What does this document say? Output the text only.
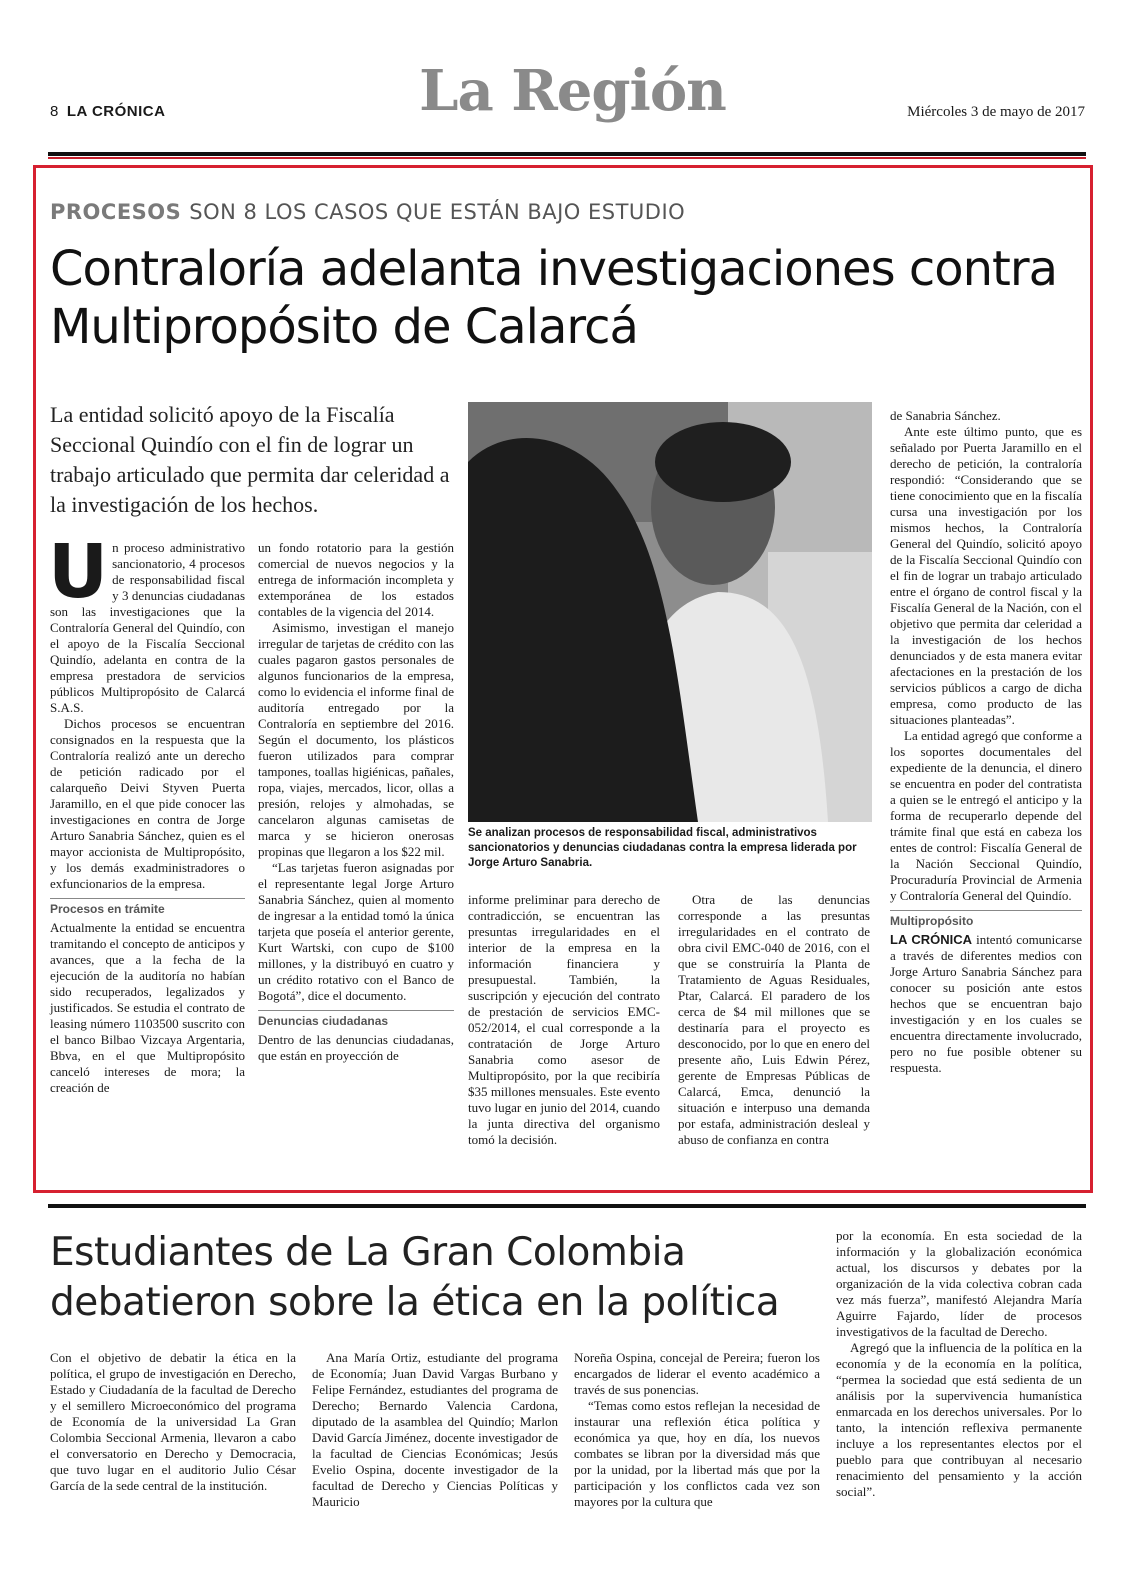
8 LA CRÓNICA	La Región	Miércoles 3 de mayo de 2017
PROCESOS SON 8 LOS CASOS QUE ESTÁN BAJO ESTUDIO
Contraloría adelanta investigaciones contra Multipropósito de Calarcá
La entidad solicitó apoyo de la Fiscalía Seccional Quindío con el fin de lograr un trabajo articulado que permita dar celeridad a la investigación de los hechos.

Un proceso administrativo sancionatorio, 4 procesos de responsabilidad fiscal y 3 denuncias ciudadanas son las investigaciones que la Contraloría General del Quindío, con el apoyo de la Fiscalía Seccional Quindío, adelanta en contra de la empresa prestadora de servicios públicos Multipropósito de Calarcá S.A.S.

Dichos procesos se encuentran consignados en la respuesta que la Contraloría realizó ante un derecho de petición radicado por el calarqueño Deivi Styven Puerta Jaramillo, en el que pide conocer las investigaciones en contra de Jorge Arturo Sanabria Sánchez, quien es el mayor accionista de Multipropósito, y los demás exadministradores o exfuncionarios de la empresa.

Procesos en trámite

Actualmente la entidad se encuentra tramitando el concepto de anticipos y avances, que a la fecha de la ejecución de la auditoría no habían sido recuperados, legalizados y justificados. Se estudia el contrato de leasing número 1103500 suscrito con el banco Bilbao Vizcaya Argentaria, Bbva, en el que Multipropósito canceló intereses de mora; la creación de

un fondo rotatorio para la gestión comercial de nuevos negocios y la entrega de información incompleta y extemporánea de los estados contables de la vigencia del 2014.

Asimismo, investigan el manejo irregular de tarjetas de crédito con las cuales pagaron gastos personales de algunos funcionarios de la empresa, como lo evidencia el informe final de auditoría entregado por la Contraloría en septiembre del 2016. Según el documento, los plásticos fueron utilizados para comprar tampones, toallas higiénicas, pañales, ropa, viajes, mercados, licor, ollas a presión, relojes y almohadas, se cancelaron algunas camisetas de marca y se hicieron onerosas propinas que llegaron a los $22 mil.

“Las tarjetas fueron asignadas por el representante legal Jorge Arturo Sanabria Sánchez, quien al momento de ingresar a la entidad tomó la única tarjeta que poseía el anterior gerente, Kurt Wartski, con cupo de $100 millones, y la distribuyó en cuatro y un crédito rotativo con el Banco de Bogotá”, dice el documento.

Denuncias ciudadanas

Dentro de las denuncias ciudadanas, que están en proyección de

Se analizan procesos de responsabilidad fiscal, administrativos sancionatorios y denuncias ciudadanas contra la empresa liderada por Jorge Arturo Sanabria.

informe preliminar para derecho de contradicción, se encuentran las presuntas irregularidades en el interior de la empresa en la información financiera y presupuestal. También, la suscripción y ejecución del contrato de prestación de servicios EMC-052/2014, el cual corresponde a la contratación de Jorge Arturo Sanabria como asesor de Multipropósito, por la que recibiría $35 millones mensuales. Este evento tuvo lugar en junio del 2014, cuando la junta directiva del organismo tomó la decisión.

Otra de las denuncias corresponde a las presuntas irregularidades en el contrato de obra civil EMC-040 de 2016, con el que se construiría la Planta de Tratamiento de Aguas Residuales, Ptar, Calarcá. El paradero de los cerca de $4 mil millones que se destinaría para el proyecto es desconocido, por lo que en enero del presente año, Luis Edwin Pérez, gerente de Empresas Públicas de Calarcá, Emca, denunció la situación e interpuso una demanda por estafa, administración desleal y abuso de confianza en contra

de Sanabria Sánchez.

Ante este último punto, que es señalado por Puerta Jaramillo en el derecho de petición, la contraloría respondió: “Considerando que se tiene conocimiento que en la fiscalía cursa una investigación por los mismos hechos, la Contraloría General del Quindío, solicitó apoyo de la Fiscalía Seccional Quindío con el fin de lograr un trabajo articulado entre el órgano de control fiscal y la Fiscalía General de la Nación, con el objetivo que permita dar celeridad a la investigación de los hechos denunciados y de esta manera evitar afectaciones en la prestación de los servicios públicos a cargo de dicha empresa, como producto de las situaciones planteadas”.

La entidad agregó que conforme a los soportes documentales del expediente de la denuncia, el dinero se encuentra en poder del contratista a quien se le entregó el anticipo y la forma de recuperarlo depende del trámite final que está en cabeza los entes de control: Fiscalía General de la Nación Seccional Quindío, Procuraduría Provincial de Armenia y Contraloría General del Quindío.

Multipropósito

LA CRÓNICA intentó comunicarse a través de diferentes medios con Jorge Arturo Sanabria Sánchez para conocer su posición ante estos hechos que se encuentran bajo investigación y en los cuales se encuentra directamente involucrado, pero no fue posible obtener su respuesta.

Estudiantes de La Gran Colombia debatieron sobre la ética en la política

Con el objetivo de debatir la ética en la política, el grupo de investigación en Derecho, Estado y Ciudadanía de la facultad de Derecho y el semillero Microeconómico del programa de Economía de la universidad La Gran Colombia Seccional Armenia, llevaron a cabo el conversatorio en Derecho y Democracia, que tuvo lugar en el auditorio Julio César García de la sede central de la institución.

Ana María Ortiz, estudiante del programa de Economía; Juan David Vargas Burbano y Felipe Fernández, estudiantes del programa de Derecho; Bernardo Valencia Cardona, diputado de la asamblea del Quindío; Marlon David García Jiménez, docente investigador de la facultad de Ciencias Económicas; Jesús Evelio Ospina, docente investigador de la facultad de Derecho y Ciencias Políticas y Mauricio

Noreña Ospina, concejal de Pereira; fueron los encargados de liderar el evento académico a través de sus ponencias.

“Temas como estos reflejan la necesidad de instaurar una reflexión ética política y económica ya que, hoy en día, los nuevos combates se libran por la diversidad más que por la unidad, por la libertad más que por la participación y los conflictos cada vez son mayores por la cultura que

por la economía. En esta sociedad de la información y la globalización económica actual, los discursos y debates por la organización de la vida colectiva cobran cada vez más fuerza”, manifestó Alejandra María Aguirre Fajardo, líder de procesos investigativos de la facultad de Derecho.

Agregó que la influencia de la política en la economía y de la economía en la política, “permea la sociedad que está sedienta de un análisis por la supervivencia humanística enmarcada en los derechos universales. Por lo tanto, la intención reflexiva permanente incluye a los representantes electos por el pueblo para que contribuyan al necesario renacimiento del pensamiento y la acción social”.
